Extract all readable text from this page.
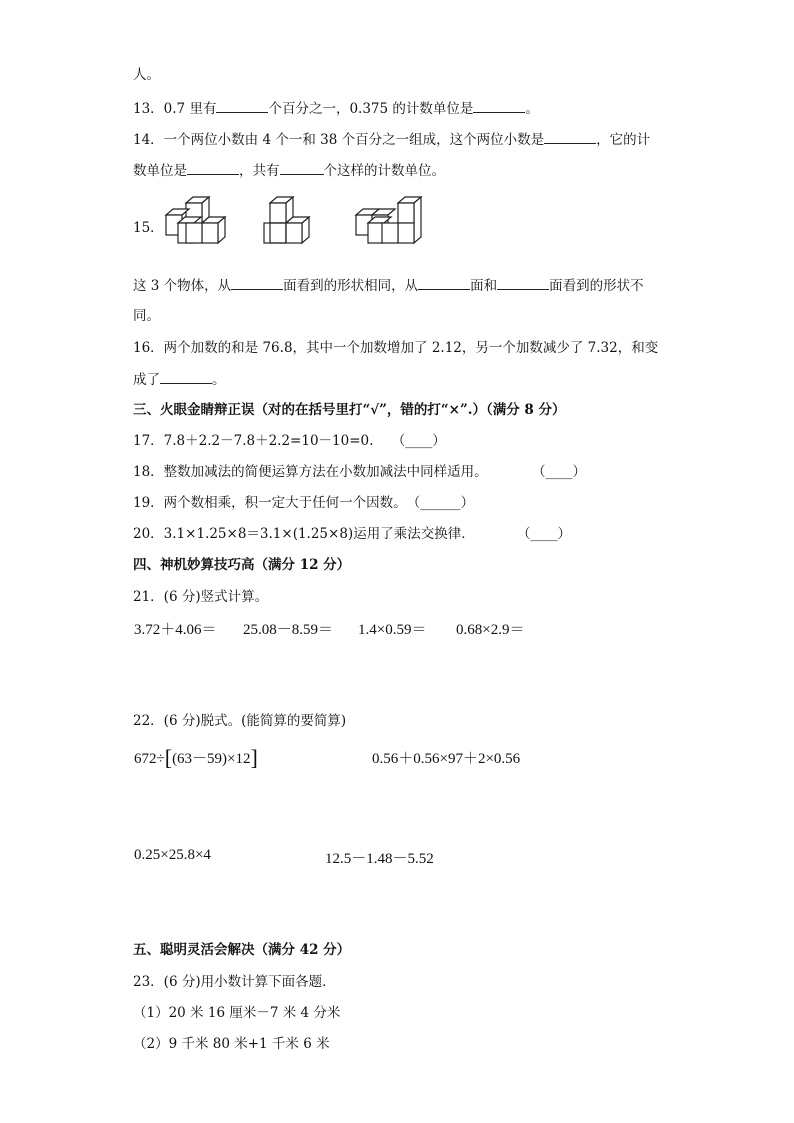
人。
13．0.7 里有	个百分之一，0.375 的计数单位是	。
14．一个两位小数由 4 个一和 38 个百分之一组成，这个两位小数是	，它的计
数单位是	，共有	个这样的计数单位。
15．
这 3 个物体，从	面看到的形状相同，从	面和	面看到的形状不
同。
16．两个加数的和是 76.8，其中一个加数增加了 2.12，另一个加数减少了 7.32，和变
成了	。
三、火眼金睛辩正误（对的在括号里打“√”，错的打“×”.）（满分 8 分）
17．7.8＋2.2－7.8＋2.2=10－10=0. （____）
18．整数加减法的简便运算方法在小数加减法中同样适用。	（____）
19．两个数相乘，积一定大于任何一个因数。（______）
20．3.1×1.25×8＝3.1×(1.25×8)运用了乘法交换律．	（____）
四、神机妙算技巧高（满分 12 分）
21．(6 分)竖式计算。
3.72＋4.06＝ 25.08－8.59＝ 1.4×0.59＝ 0.68×2.9＝
22．(6 分)脱式。(能简算的要简算)
672÷[(63－59)×12]	0.56＋0.56×97＋2×0.56
0.25×25.8×4	12.5－1.48－5.52
五、聪明灵活会解决（满分 42 分）
23．(6 分)用小数计算下面各题．
（1）20 米 16 厘米－7 米 4 分米
（2）9 千米 80 米+1 千米 6 米
